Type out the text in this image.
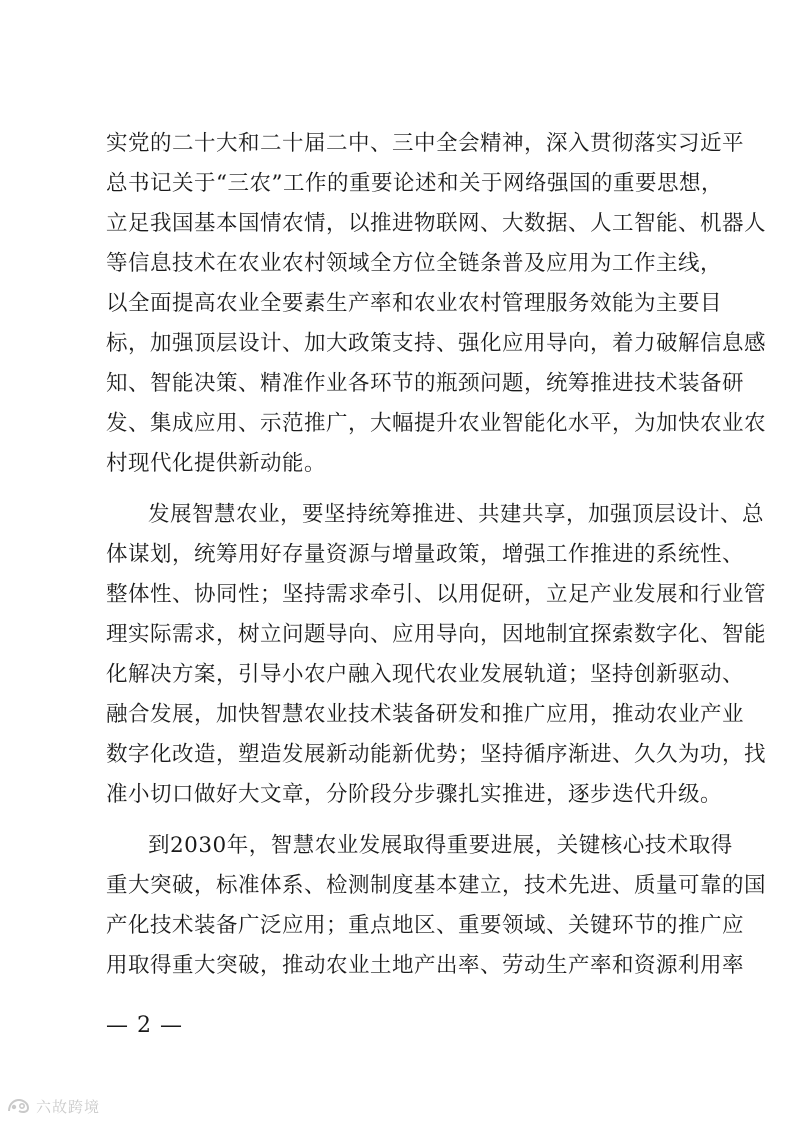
实党的二十大和二十届二中、三中全会精神，深入贯彻落实习近平
总书记关于“三农”工作的重要论述和关于网络强国的重要思想，
立足我国基本国情农情，以推进物联网、大数据、人工智能、机器人
等信息技术在农业农村领域全方位全链条普及应用为工作主线，
以全面提高农业全要素生产率和农业农村管理服务效能为主要目
标，加强顶层设计、加大政策支持、强化应用导向，着力破解信息感
知、智能决策、精准作业各环节的瓶颈问题，统筹推进技术装备研
发、集成应用、示范推广，大幅提升农业智能化水平，为加快农业农
村现代化提供新动能。
发展智慧农业，要坚持统筹推进、共建共享，加强顶层设计、总
体谋划，统筹用好存量资源与增量政策，增强工作推进的系统性、
整体性、协同性；坚持需求牵引、以用促研，立足产业发展和行业管
理实际需求，树立问题导向、应用导向，因地制宜探索数字化、智能
化解决方案，引导小农户融入现代农业发展轨道；坚持创新驱动、
融合发展，加快智慧农业技术装备研发和推广应用，推动农业产业
数字化改造，塑造发展新动能新优势；坚持循序渐进、久久为功，找
准小切口做好大文章，分阶段分步骤扎实推进，逐步迭代升级。
到2030年，智慧农业发展取得重要进展，关键核心技术取得
重大突破，标准体系、检测制度基本建立，技术先进、质量可靠的国
产化技术装备广泛应用；重点地区、重要领域、关键环节的推广应
用取得重大突破，推动农业土地产出率、劳动生产率和资源利用率
— 2 —
六故跨境
